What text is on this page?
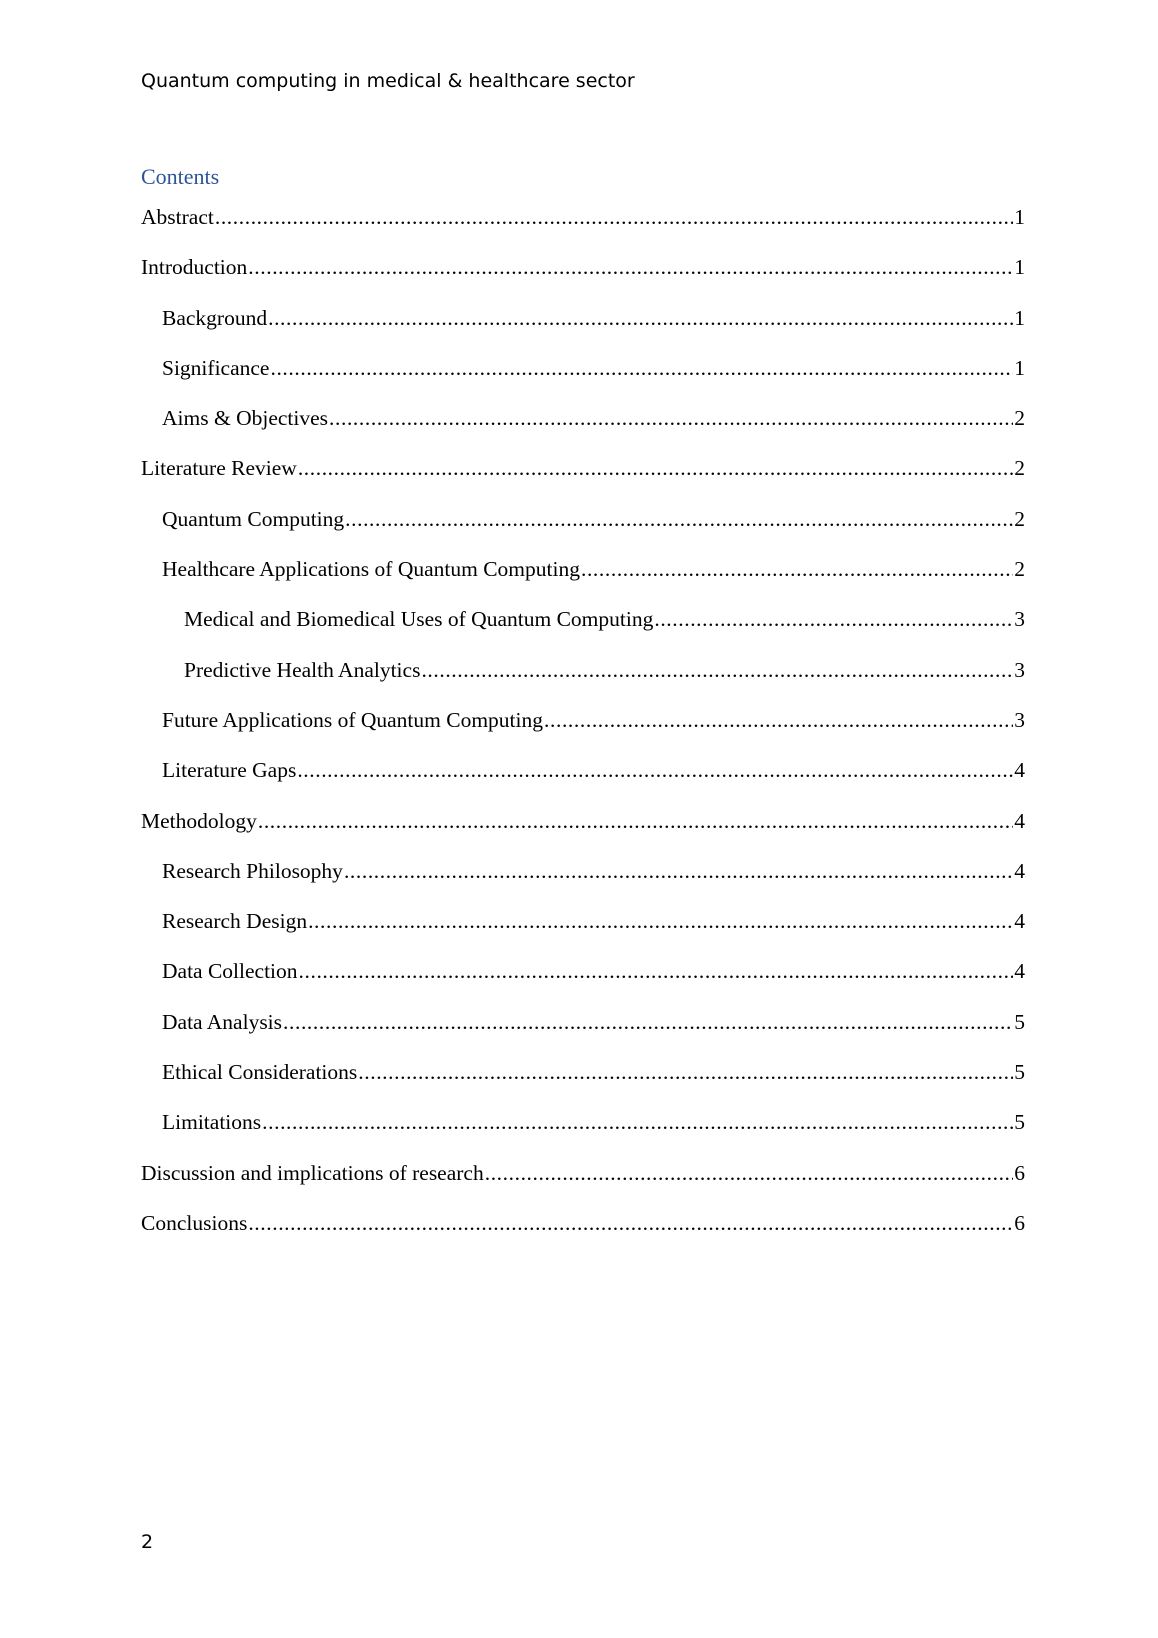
Quantum computing in medical & healthcare sector
Contents
Abstract .....	1
Introduction .....	1
Background .....	1
Significance .....	1
Aims & Objectives .....	2
Literature Review .....	2
Quantum Computing .....	2
Healthcare Applications of Quantum Computing .....	2
Medical and Biomedical Uses of Quantum Computing .....	3
Predictive Health Analytics .....	3
Future Applications of Quantum Computing .....	3
Literature Gaps .....	4
Methodology .....	4
Research Philosophy .....	4
Research Design .....	4
Data Collection .....	4
Data Analysis .....	5
Ethical Considerations .....	5
Limitations .....	5
Discussion and implications of research .....	6
Conclusions .....	6
2
